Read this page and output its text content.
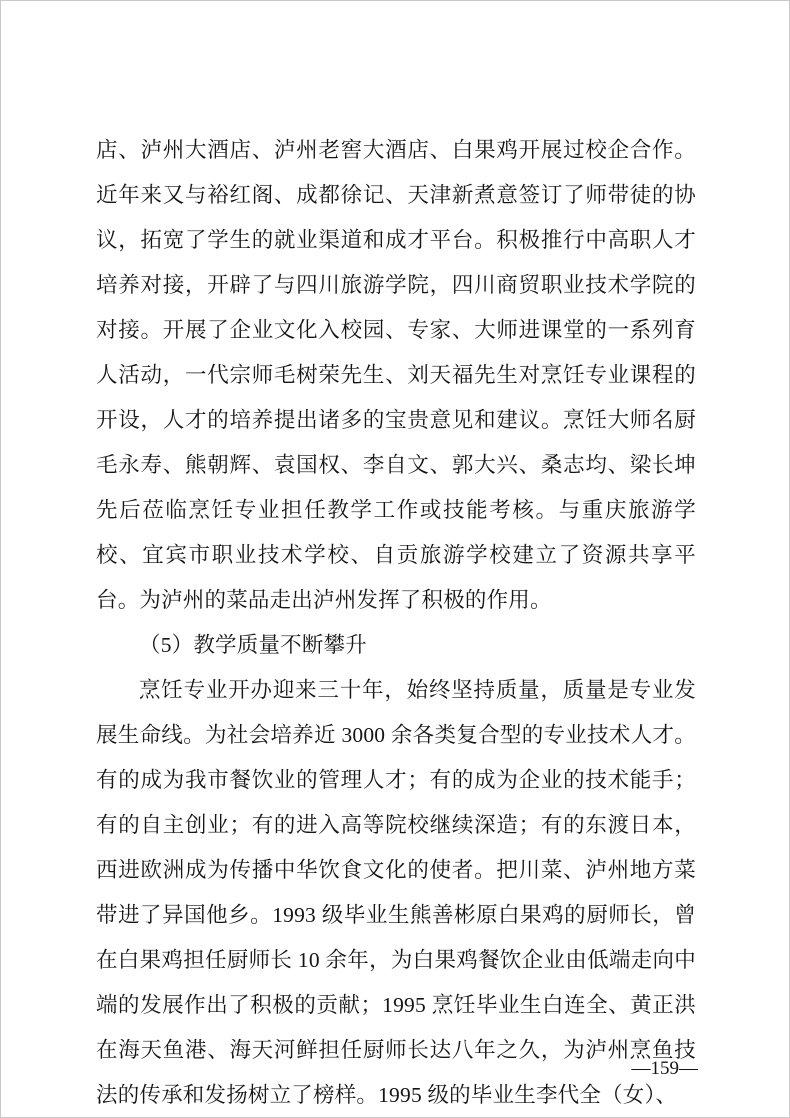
店、泸州大酒店、泸州老窖大酒店、白果鸡开展过校企合作。近年来又与裕红阁、成都徐记、天津新煮意签订了师带徒的协议，拓宽了学生的就业渠道和成才平台。积极推行中高职人才培养对接，开辟了与四川旅游学院，四川商贸职业技术学院的对接。开展了企业文化入校园、专家、大师进课堂的一系列育人活动，一代宗师毛树荣先生、刘天福先生对烹饪专业课程的开设，人才的培养提出诸多的宝贵意见和建议。烹饪大师名厨毛永寿、熊朝辉、袁国权、李自文、郭大兴、桑志均、梁长坤先后莅临烹饪专业担任教学工作或技能考核。与重庆旅游学校、宜宾市职业技术学校、自贡旅游学校建立了资源共享平台。为泸州的菜品走出泸州发挥了积极的作用。

（5）教学质量不断攀升

烹饪专业开办迎来三十年，始终坚持质量，质量是专业发展生命线。为社会培养近 3000 余各类复合型的专业技术人才。有的成为我市餐饮业的管理人才；有的成为企业的技术能手；有的自主创业；有的进入高等院校继续深造；有的东渡日本，西进欧洲成为传播中华饮食文化的使者。把川菜、泸州地方菜带进了异国他乡。1993 级毕业生熊善彬原白果鸡的厨师长，曾在白果鸡担任厨师长 10 余年，为白果鸡餐饮企业由低端走向中端的发展作出了积极的贡献；1995 烹饪毕业生白连全、黄正洪在海天鱼港、海天河鲜担任厨师长达八年之久，为泸州烹鱼技法的传承和发扬树立了榜样。1995 级的毕业生李代全（女）、

—159—
